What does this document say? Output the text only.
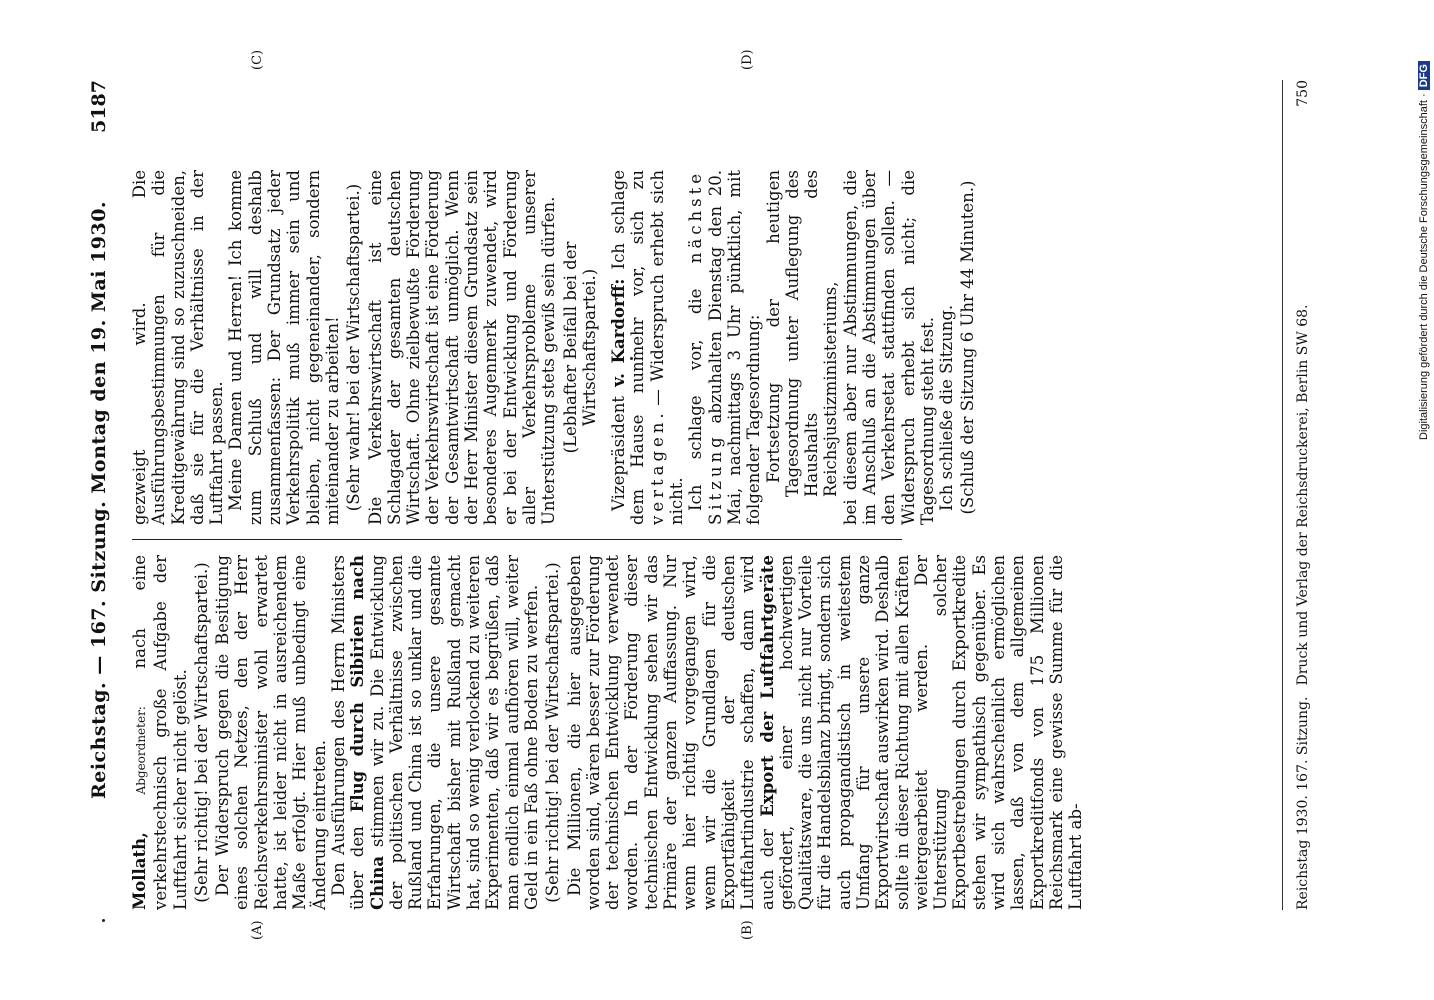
Reichstag. — 167. Sitzung. Montag den 19. Mai 1930.
5187
(A)	(B)
(C)	(D)

Mollath, Abgeordneter: nach eine verkehrstechnisch große Aufgabe der Luftfahrt sicher nicht gelöst. (Sehr richtig! bei der Wirtschaftspartei.) Der Widerspruch gegen die Besitigung eines solchen Netzes, den der Herr Reichsverkehrsminister wohl erwartet hatte, ist leider nicht in ausreichendem Maße erfolgt. Hier muß unbedingt eine Änderung eintreten. Den Ausführungen des Herrn Ministers über den Flug durch Sibirien nach China stimmen wir zu. Die Entwicklung der politischen Verhältnisse zwischen Rußland und China ist so unklar und die Erfahrungen, die unsere gesamte Wirtschaft bisher mit Rußland gemacht hat, sind so wenig verlockend zu weiteren Experimenten, daß wir es begrüßen, daß man endlich einmal aufhören will, weiter Geld in ein Faß ohne Boden zu werfen. (Sehr richtig! bei der Wirtschaftspartei.) Die Millionen, die hier ausgegeben worden sind, wären besser zur Förderung der technischen Entwicklung verwendet worden. In der Förderung dieser technischen Entwicklung sehen wir das Primäre der ganzen Auffassung. Nur wenn hier richtig vorgegangen wird, wenn wir die Grundlagen für die Exportfähigkeit der deutschen Luftfahrtindustrie schaffen, dann wird auch der Export der Luftfahrtgeräte gefördert, einer hochwertigen Qualitätsware, die uns nicht nur Vorteile für die Handelsbilanz bringt, sondern sich auch propagandistisch in weitestem Umfang für unsere ganze Exportwirtschaft auswirken wird. Deshalb sollte in dieser Richtung mit allen Kräften weitergearbeitet werden. Der Unterstützung solcher Exportbestrebungen durch Exportkredite stehen wir sympathisch gegenüber. Es wird sich wahrscheinlich ermöglichen lassen, daß von dem allgemeinen Exportkreditfonds von 175 Millionen Reichsmark eine gewisse Summe für die Luftfahrt ab-

gezweigt wird. Die Ausführungsbestimmungen für die Kreditgewährung sind so zuzuschneiden, daß sie für die Verhältnisse in der Luftfahrt passen. Meine Damen und Herren! Ich komme zum Schluß und will deshalb zusammenfassen: Der Grundsatz jeder Verkehrspolitik muß immer sein und bleiben, nicht gegeneinander, sondern miteinander zu arbeiten! (Sehr wahr! bei der Wirtschaftspartei.) Die Verkehrswirtschaft ist eine Schlagader der gesamten deutschen Wirtschaft. Ohne zielbewußte Förderung der Verkehrswirtschaft ist eine Förderung der Gesamtwirtschaft unmöglich. Wenn der Herr Minister diesem Grundsatz sein besonderes Augenmerk zuwendet, wird er bei der Entwicklung und Förderung aller Verkehrsprobleme unserer Unterstützung stets gewiß sein dürfen. (Lebhafter Beifall bei der Wirtschaftspartei.)

Vizepräsident v. Kardorff: Ich schlage dem Hause nunmehr vor, sich zu vertagen. — Widerspruch erhebt sich nicht. Ich schlage vor, die nächste Sitzung abzuhalten Dienstag den 20. Mai, nachmittags 3 Uhr pünktlich, mit folgender Tagesordnung: Fortsetzung der heutigen Tagesordnung unter Auflegung des Haushalts des Reichsjustizministeriums, bei diesem aber nur Abstimmungen, die im Anschluß an die Abstimmungen über den Verkehrsetat stattfinden sollen. — Widerspruch erhebt sich nicht; die Tagesordnung steht fest. Ich schließe die Sitzung. (Schluß der Sitzung 6 Uhr 44 Minuten.)

Reichstag 1930. 167. Sitzung.
Druck und Verlag der Reichsdruckerei, Berlin SW 68.
750
Digitalisierung gefördert durch die Deutsche Forschungsgemeinschaft ·DFG
